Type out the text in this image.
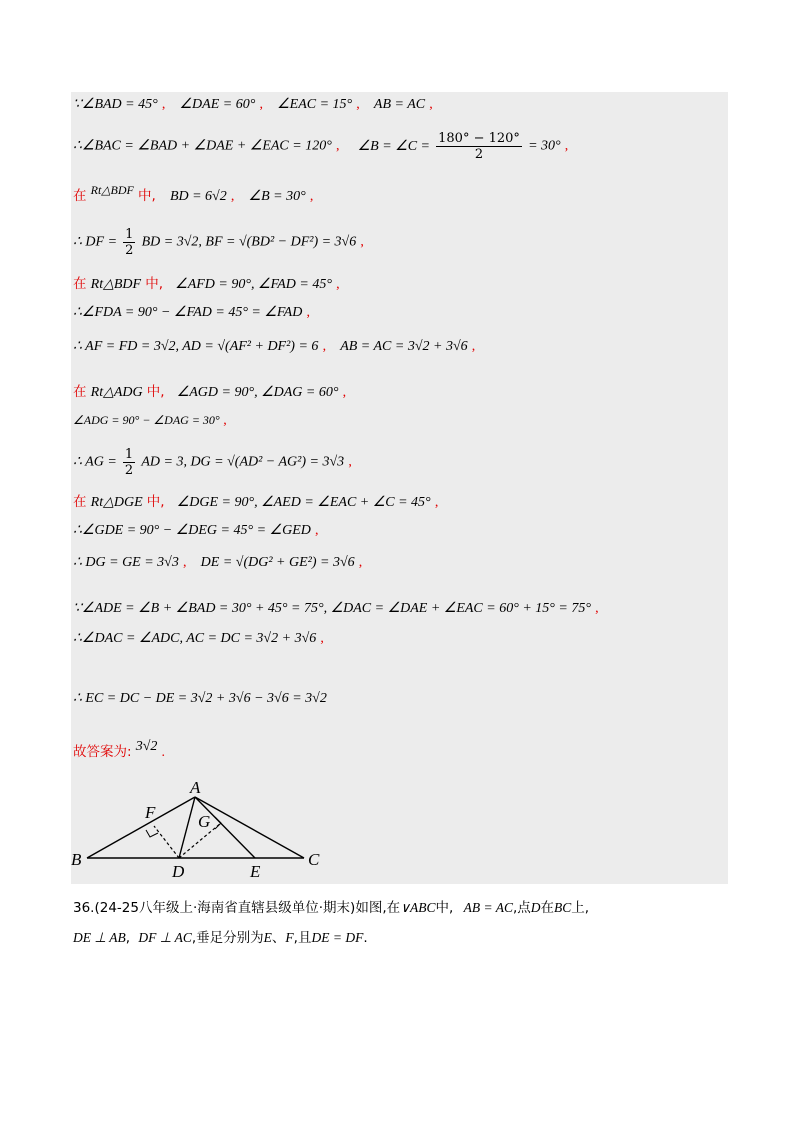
∵∠BAD = 45° , ∠DAE = 60° , ∠EAC = 15° , AB = AC ,
∴∠BAC = ∠BAD + ∠DAE + ∠EAC = 120° , ∠B = ∠C = $\frac{180^\circ - 120^\circ}{2} = 30^\circ$ ,
在 Rt△BDF 中, BD = 6√2 , ∠B = 30° ,
∴ DF = $\frac{1}{2}$ BD = 3√2, BF = √(BD² − DF²) = 3√6 ,
在 Rt△BDF 中, ∠AFD = 90°, ∠FAD = 45° ,
∴∠FDA = 90° − ∠FAD = 45° = ∠FAD ,
∴ AF = FD = 3√2, AD = √(AF² + DF²) = 6 , AB = AC = 3√2 + 3√6 ,
在 Rt△ADG 中, ∠AGD = 90°, ∠DAG = 60° ,
∠ADG = 90° − ∠DAG = 30° ,
∴ AG = $\frac{1}{2}$ AD = 3, DG = √(AD² − AG²) = 3√3 ,
在 Rt△DGE 中, ∠DGE = 90°, ∠AED = ∠EAC + ∠C = 45° ,
∴∠GDE = 90° − ∠DEG = 45° = ∠GED ,
∴ DG = GE = 3√3 , DE = √(DG² + GE²) = 3√6 ,
∵∠ADE = ∠B + ∠BAD = 30° + 45° = 75°, ∠DAC = ∠DAE + ∠EAC = 60° + 15° = 75° ,
∴∠DAC = ∠ADC, AC = DC = 3√2 + 3√6 ,
∴ EC = DC − DE = 3√2 + 3√6 − 3√6 = 3√2
故答案为: 3√2 .
A
F	G
B
D	E
C
36.(24-25八年级上·海南省直辖县级单位·期末)如图,在∨ABC中, AB = AC,点D在BC上,
DE ⊥ AB, DF ⊥ AC,垂足分别为E、F,且DE = DF.
